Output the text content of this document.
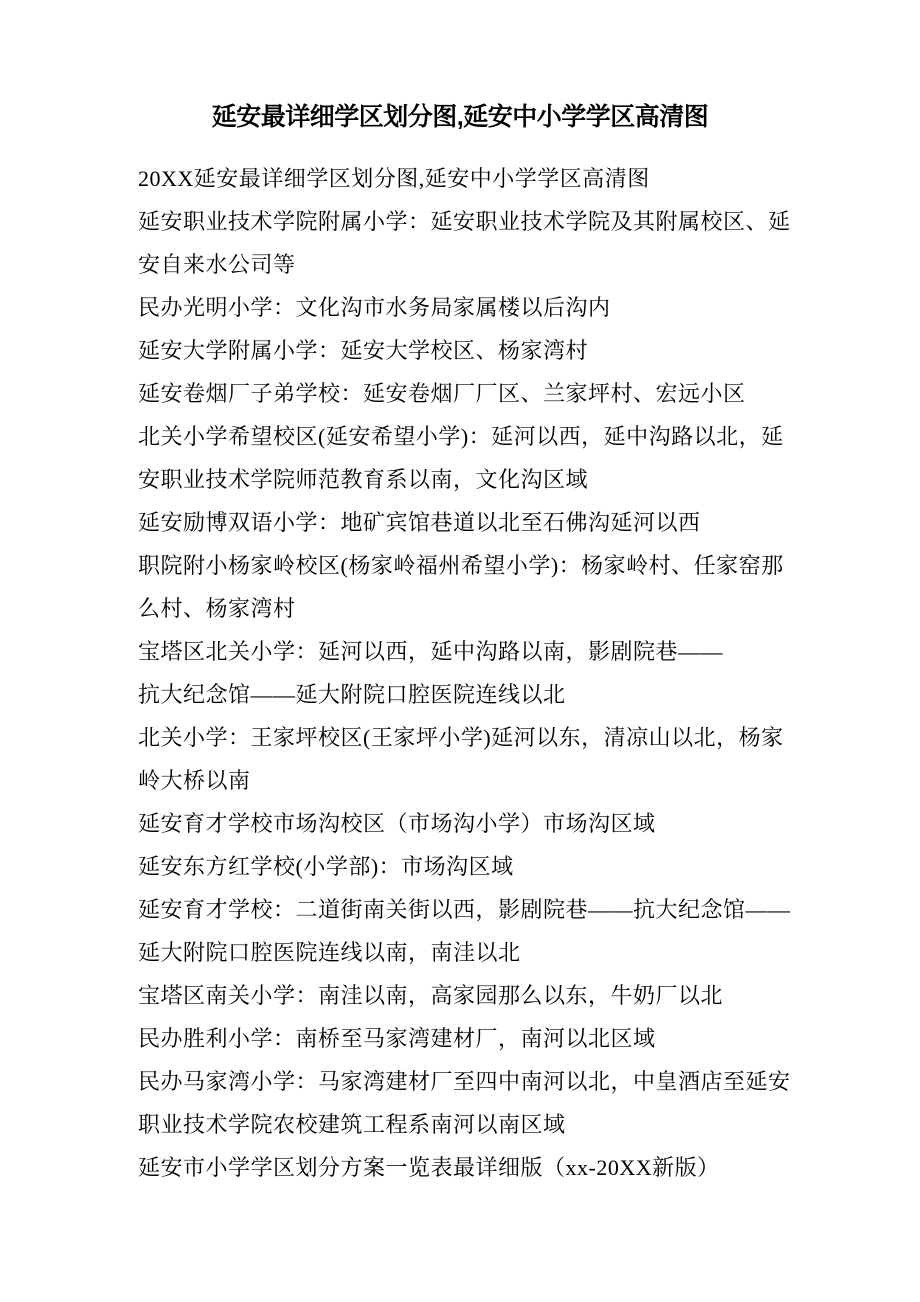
延安最详细学区划分图,延安中小学学区高清图
20XX延安最详细学区划分图,延安中小学学区高清图
延安职业技术学院附属小学：延安职业技术学院及其附属校区、延
安自来水公司等
民办光明小学：文化沟市水务局家属楼以后沟内
延安大学附属小学：延安大学校区、杨家湾村
延安卷烟厂子弟学校：延安卷烟厂厂区、兰家坪村、宏远小区
北关小学希望校区(延安希望小学)：延河以西，延中沟路以北，延
安职业技术学院师范教育系以南，文化沟区域
延安励博双语小学：地矿宾馆巷道以北至石佛沟延河以西
职院附小杨家岭校区(杨家岭福州希望小学)：杨家岭村、任家窑那
么村、杨家湾村
宝塔区北关小学：延河以西，延中沟路以南，影剧院巷——
抗大纪念馆——延大附院口腔医院连线以北
北关小学：王家坪校区(王家坪小学)延河以东，清凉山以北，杨家
岭大桥以南
延安育才学校市场沟校区（市场沟小学）市场沟区域
延安东方红学校(小学部)：市场沟区域
延安育才学校：二道街南关街以西，影剧院巷——抗大纪念馆——
延大附院口腔医院连线以南，南洼以北
宝塔区南关小学：南洼以南，高家园那么以东，牛奶厂以北
民办胜利小学：南桥至马家湾建材厂，南河以北区域
民办马家湾小学：马家湾建材厂至四中南河以北，中皇酒店至延安
职业技术学院农校建筑工程系南河以南区域
延安市小学学区划分方案一览表最详细版（xx-20XX新版）
